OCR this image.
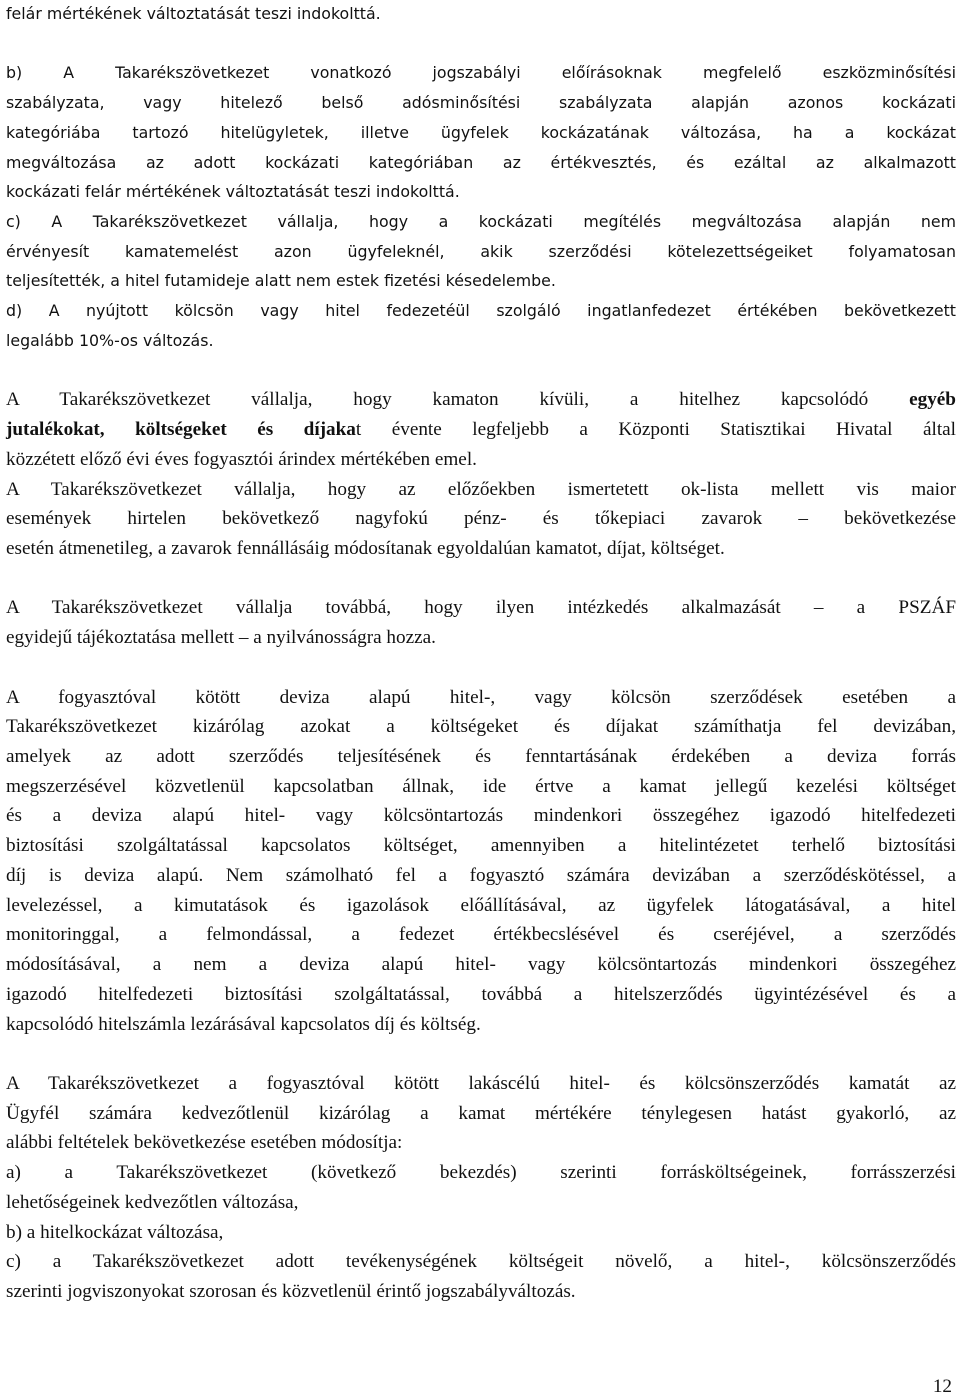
felár mértékének változtatását teszi indokolttá.
b) A Takarékszövetkezet vonatkozó jogszabályi előírásoknak megfelelő eszközminősítési
szabályzata, vagy hitelező belső adósminősítési szabályzata alapján azonos kockázati
kategóriába tartozó hitelügyletek, illetve ügyfelek kockázatának változása, ha a kockázat
megváltozása az adott kockázati kategóriában az értékvesztés, és ezáltal az alkalmazott
kockázati felár mértékének változtatását teszi indokolttá.
c) A Takarékszövetkezet vállalja, hogy a kockázati megítélés megváltozása alapján nem
érvényesít kamatemelést azon ügyfeleknél, akik szerződési kötelezettségeiket folyamatosan
teljesítették, a hitel futamideje alatt nem estek fizetési késedelembe.
d) A nyújtott kölcsön vagy hitel fedezetéül szolgáló ingatlanfedezet értékében bekövetkezett
legalább 10%-os változás.
A Takarékszövetkezet vállalja, hogy kamaton kívüli, a hitelhez kapcsolódó egyéb
jutalékokat, költségeket és díjakat évente legfeljebb a Központi Statisztikai Hivatal által
közzétett előző évi éves fogyasztói árindex mértékében emel.
A Takarékszövetkezet vállalja, hogy az előzőekben ismertetett ok-lista mellett vis maior
események hirtelen bekövetkező nagyfokú pénz- és tőkepiaci zavarok – bekövetkezése
esetén átmenetileg, a zavarok fennállásáig módosítanak egyoldalúan kamatot, díjat, költséget.
A Takarékszövetkezet vállalja továbbá, hogy ilyen intézkedés alkalmazását – a PSZÁF
egyidejű tájékoztatása mellett – a nyilvánosságra hozza.
A fogyasztóval kötött deviza alapú hitel-, vagy kölcsön szerződések esetében a
Takarékszövetkezet kizárólag azokat a költségeket és díjakat számíthatja fel devizában,
amelyek az adott szerződés teljesítésének és fenntartásának érdekében a deviza forrás
megszerzésével közvetlenül kapcsolatban állnak, ide értve a kamat jellegű kezelési költséget
és a deviza alapú hitel- vagy kölcsöntartozás mindenkori összegéhez igazodó hitelfedezeti
biztosítási szolgáltatással kapcsolatos költséget, amennyiben a hitelintézetet terhelő biztosítási
díj is deviza alapú. Nem számolható fel a fogyasztó számára devizában a szerződéskötéssel, a
levelezéssel, a kimutatások és igazolások előállításával, az ügyfelek látogatásával, a hitel
monitoringgal, a felmondással, a fedezet értékbecslésével és cseréjével, a szerződés
módosításával, a nem a deviza alapú hitel- vagy kölcsöntartozás mindenkori összegéhez
igazodó hitelfedezeti biztosítási szolgáltatással, továbbá a hitelszerződés ügyintézésével és a
kapcsolódó hitelszámla lezárásával kapcsolatos díj és költség.
A Takarékszövetkezet a fogyasztóval kötött lakáscélú hitel- és kölcsönszerződés kamatát az
Ügyfél számára kedvezőtlenül kizárólag a kamat mértékére ténylegesen hatást gyakorló, az
alábbi feltételek bekövetkezése esetében módosítja:
a) a Takarékszövetkezet (következő bekezdés) szerinti forrásköltségeinek, forrásszerzési
lehetőségeinek kedvezőtlen változása,
b) a hitelkockázat változása,
c) a Takarékszövetkezet adott tevékenységének költségeit növelő, a hitel-, kölcsönszerződés
szerinti jogviszonyokat szorosan és közvetlenül érintő jogszabályváltozás.
12
